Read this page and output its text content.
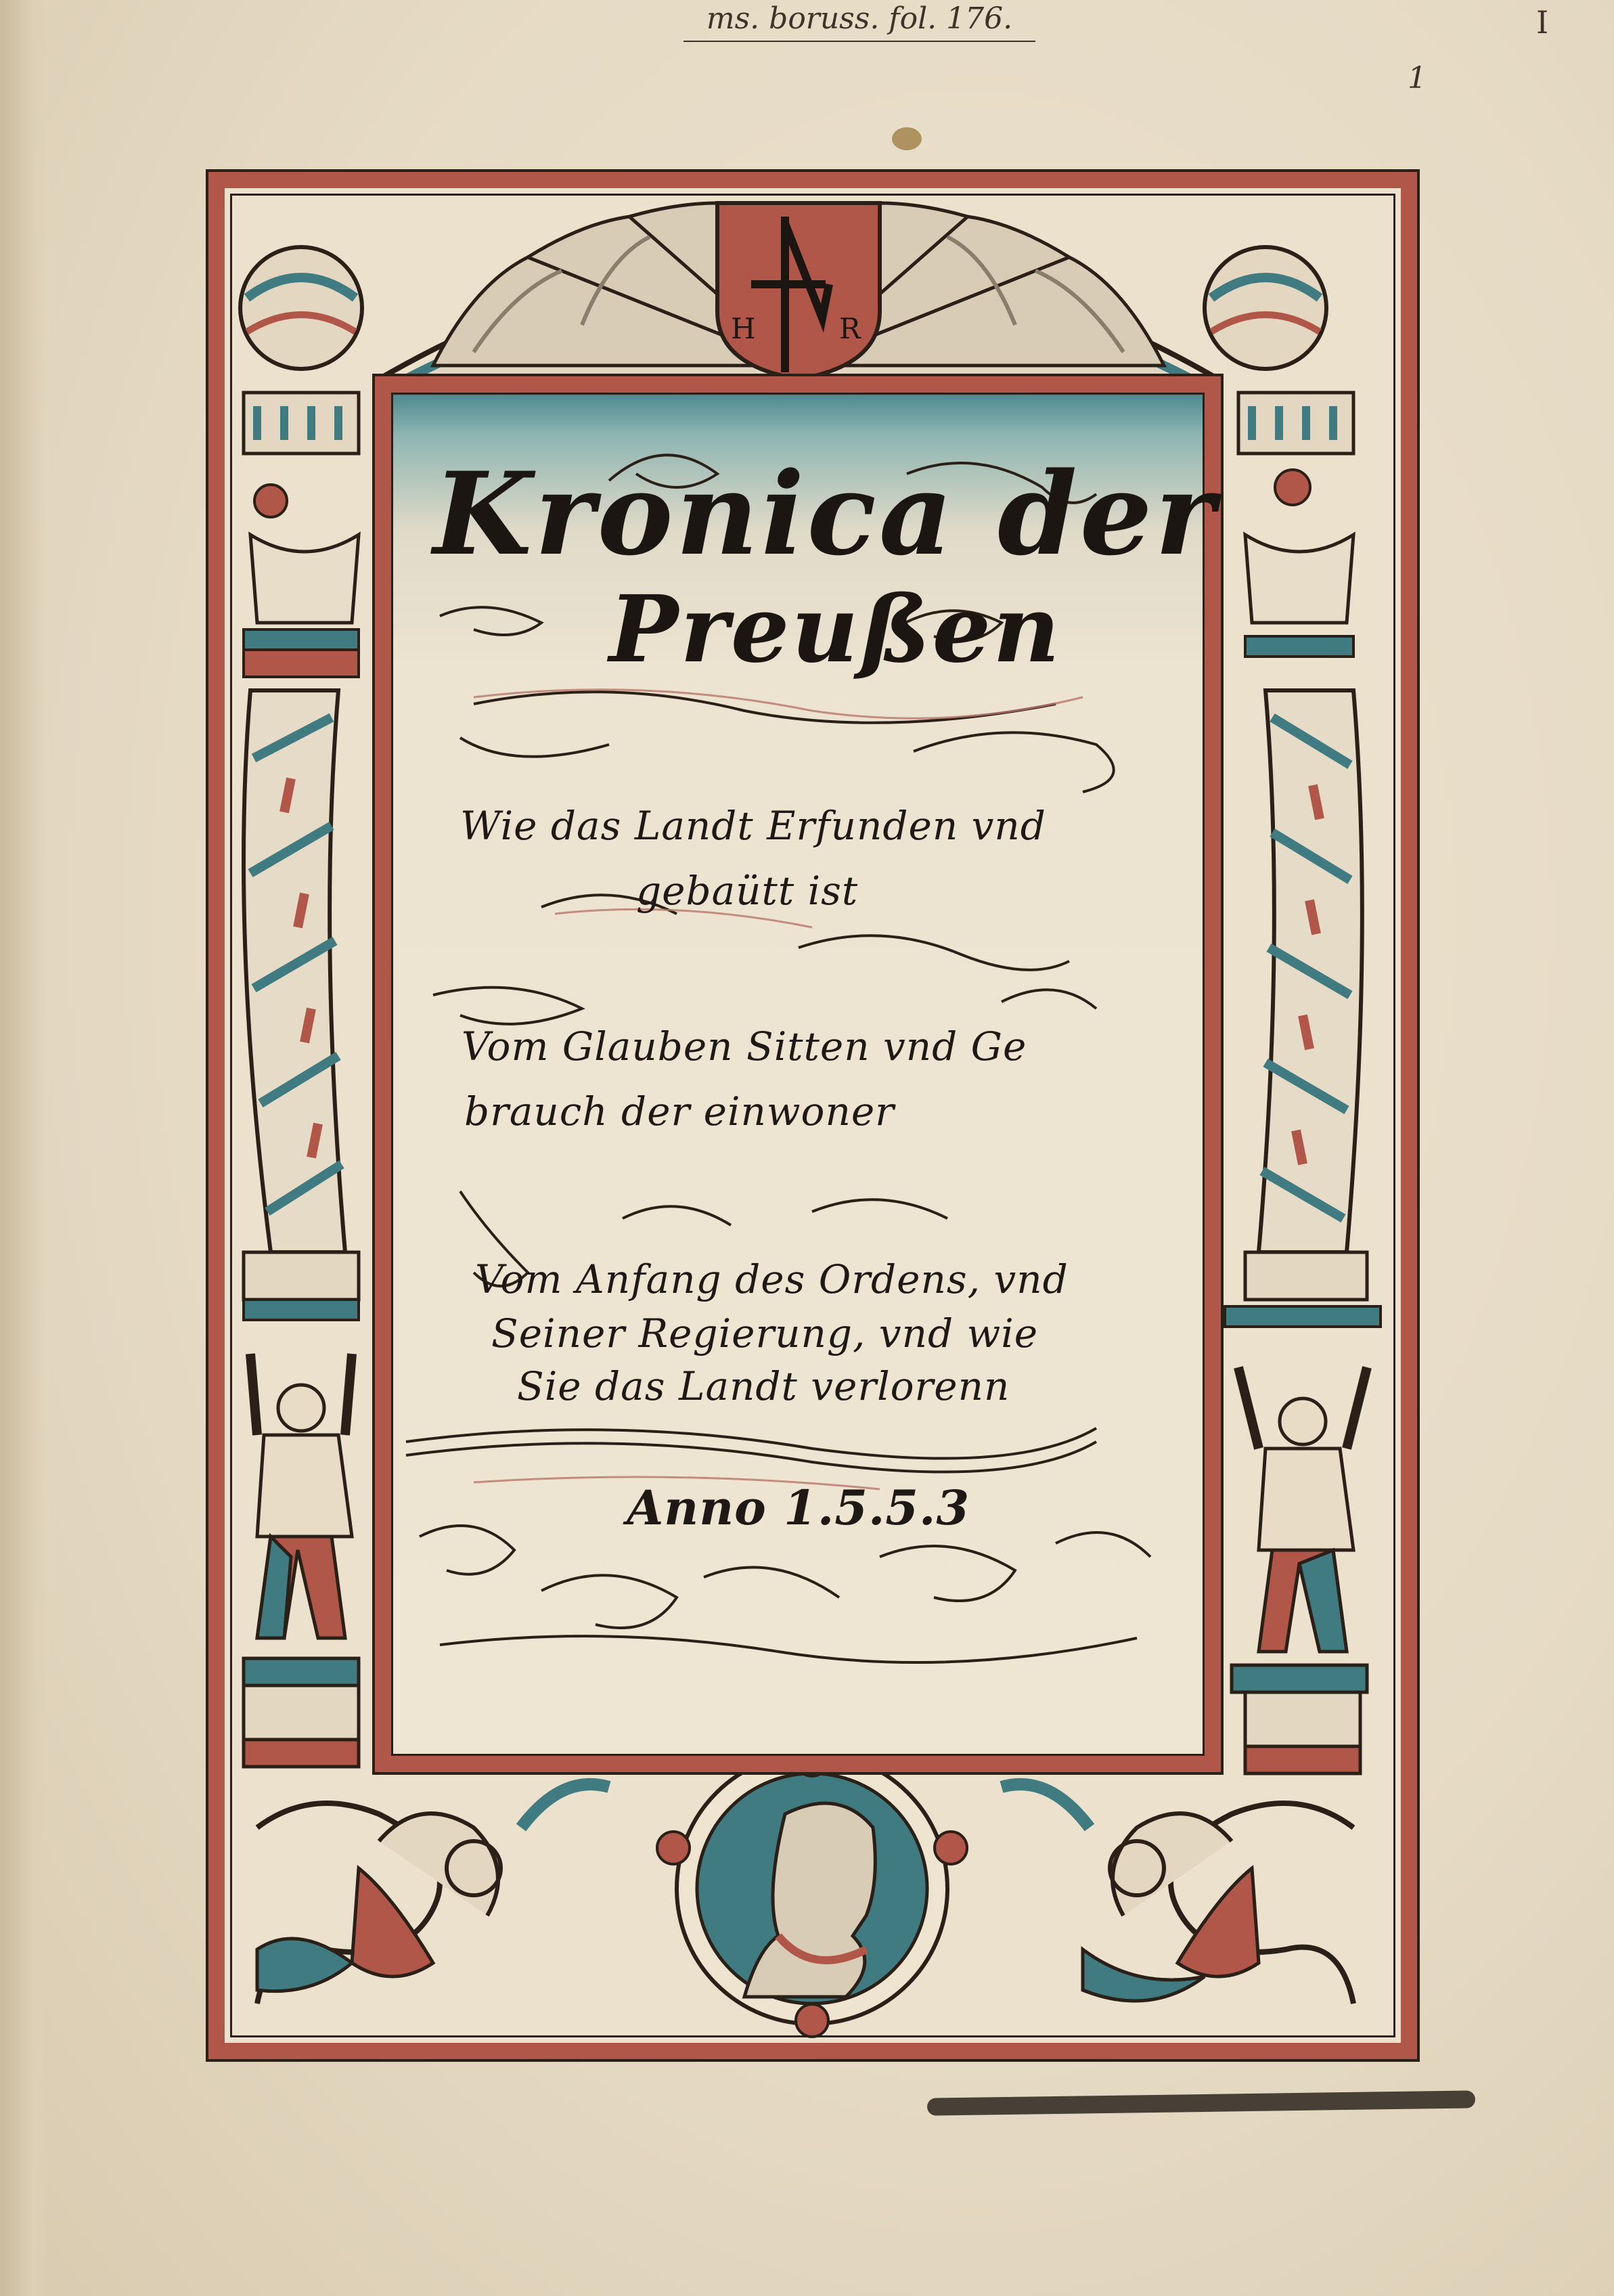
ms. boruss. fol. 176.	I
1
H	R
Kronica der
Preußen
Wie das Landt Erfunden vnd
gebaütt ist
Vom Glauben Sitten vnd Ge
brauch der einwoner
Vom Anfang des Ordens, vnd
Seiner Regierung, vnd wie
Sie das Landt verlorenn
Anno 1.5.5.3
